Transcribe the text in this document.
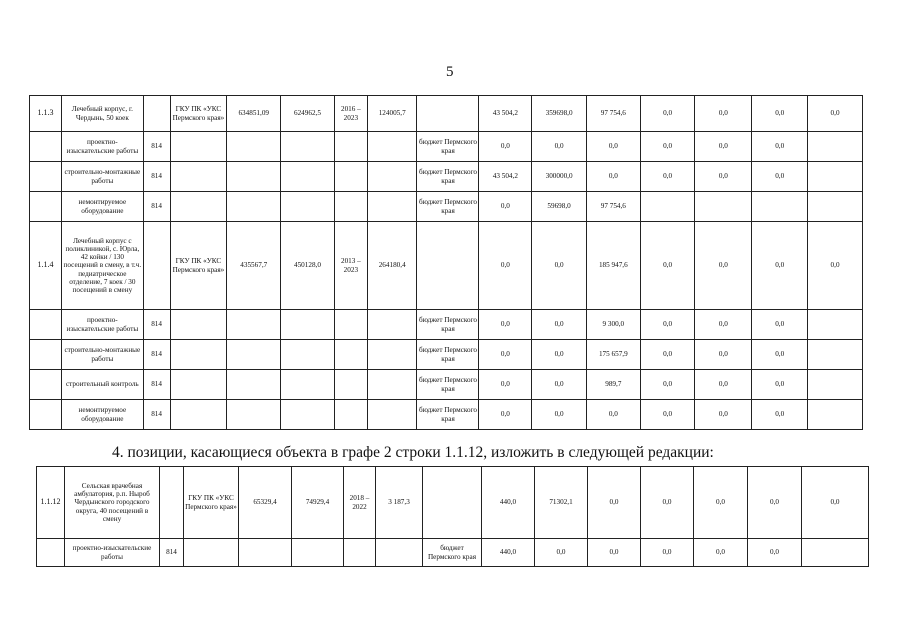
5
1.1.3	Лечебный корпус, г. Чердынь, 50 коек		ГКУ ПК «УКС Пермского края»	634851,09	624962,5	2016 – 2023	124005,7		43 504,2	359698,0	97 754,6	0,0	0,0	0,0	0,0
	проектно-изыскательские работы	814						бюджет Пермского края	0,0	0,0	0,0	0,0	0,0	0,0	
	строительно-монтажные работы	814						бюджет Пермского края	43 504,2	300000,0	0,0	0,0	0,0	0,0	
	немонтируемое оборудование	814						бюджет Пермского края	0,0	59698,0	97 754,6				
1.1.4	Лечебный корпус с поликлиникой, с. Юрла, 42 койки / 130 посещений в смену, в т.ч. педиатрическое отделение, 7 коек / 30 посещений в смену		ГКУ ПК «УКС Пермского края»	435567,7	450128,0	2013 – 2023	264180,4		0,0	0,0	185 947,6	0,0	0,0	0,0	0,0
	проектно-изыскательские работы	814						бюджет Пермского края	0,0	0,0	9 300,0	0,0	0,0	0,0	
	строительно-монтажные работы	814						бюджет Пермского края	0,0	0,0	175 657,9	0,0	0,0	0,0	
	строительный контроль	814						бюджет Пермского края	0,0	0,0	989,7	0,0	0,0	0,0	
	немонтируемое оборудование	814						бюджет Пермского края	0,0	0,0	0,0	0,0	0,0	0,0	
4. позиции, касающиеся объекта в графе 2 строки 1.1.12, изложить в следующей редакции:
1.1.12	Сельская врачебная амбулатория, р.п. Ныроб Чердынского городского округа, 40 посещений в смену		ГКУ ПК «УКС Пермского края»	65329,4	74929,4	2018 – 2022	3 187,3		440,0	71302,1	0,0	0,0	0,0	0,0	0,0
	проектно-изыскательские работы	814						бюджет Пермского края	440,0	0,0	0,0	0,0	0,0	0,0	
